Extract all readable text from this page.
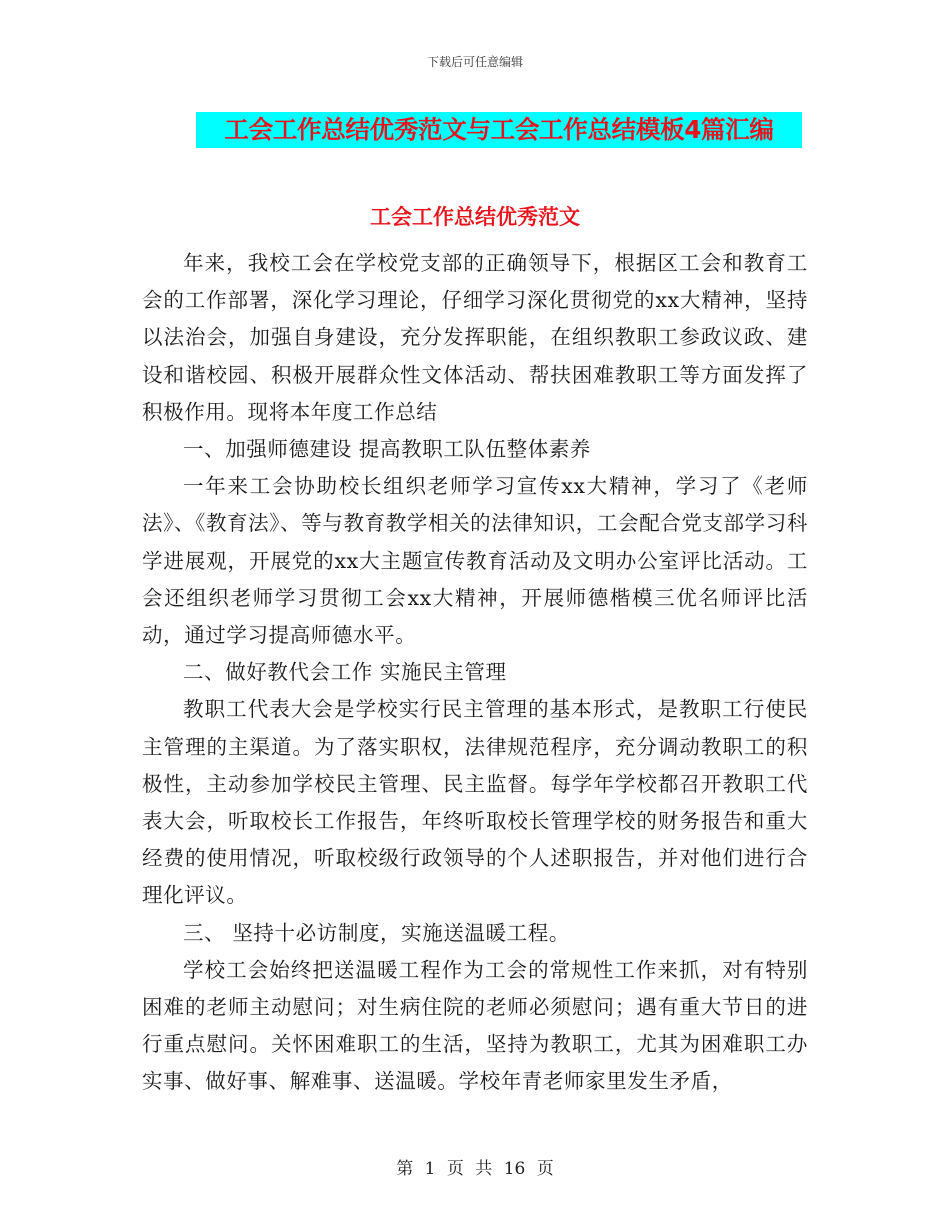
下载后可任意编辑
工会工作总结优秀范文与工会工作总结模板4篇汇编
工会工作总结优秀范文

年来，我校工会在学校党支部的正确领导下，根据区工会和教育工会的工作部署，深化学习理论，仔细学习深化贯彻党的xx大精神，坚持以法治会，加强自身建设，充分发挥职能，在组织教职工参政议政、建设和谐校园、积极开展群众性文体活动、帮扶困难教职工等方面发挥了积极作用。现将本年度工作总结

一、加强师德建设 提高教职工队伍整体素养

一年来工会协助校长组织老师学习宣传xx大精神，学习了《老师法》、《教育法》、等与教育教学相关的法律知识，工会配合党支部学习科学进展观，开展党的xx大主题宣传教育活动及文明办公室评比活动。工会还组织老师学习贯彻工会xx大精神，开展师德楷模三优名师评比活动，通过学习提高师德水平。

二、做好教代会工作 实施民主管理

教职工代表大会是学校实行民主管理的基本形式，是教职工行使民主管理的主渠道。为了落实职权，法律规范程序，充分调动教职工的积极性，主动参加学校民主管理、民主监督。每学年学校都召开教职工代表大会，听取校长工作报告，年终听取校长管理学校的财务报告和重大经费的使用情况，听取校级行政领导的个人述职报告，并对他们进行合理化评议。

三、 坚持十必访制度，实施送温暖工程。

学校工会始终把送温暖工程作为工会的常规性工作来抓，对有特别困难的老师主动慰问；对生病住院的老师必须慰问；遇有重大节日的进行重点慰问。关怀困难职工的生活，坚持为教职工，尤其为困难职工办实事、做好事、解难事、送温暖。学校年青老师家里发生矛盾，

第 1 页 共 16 页
